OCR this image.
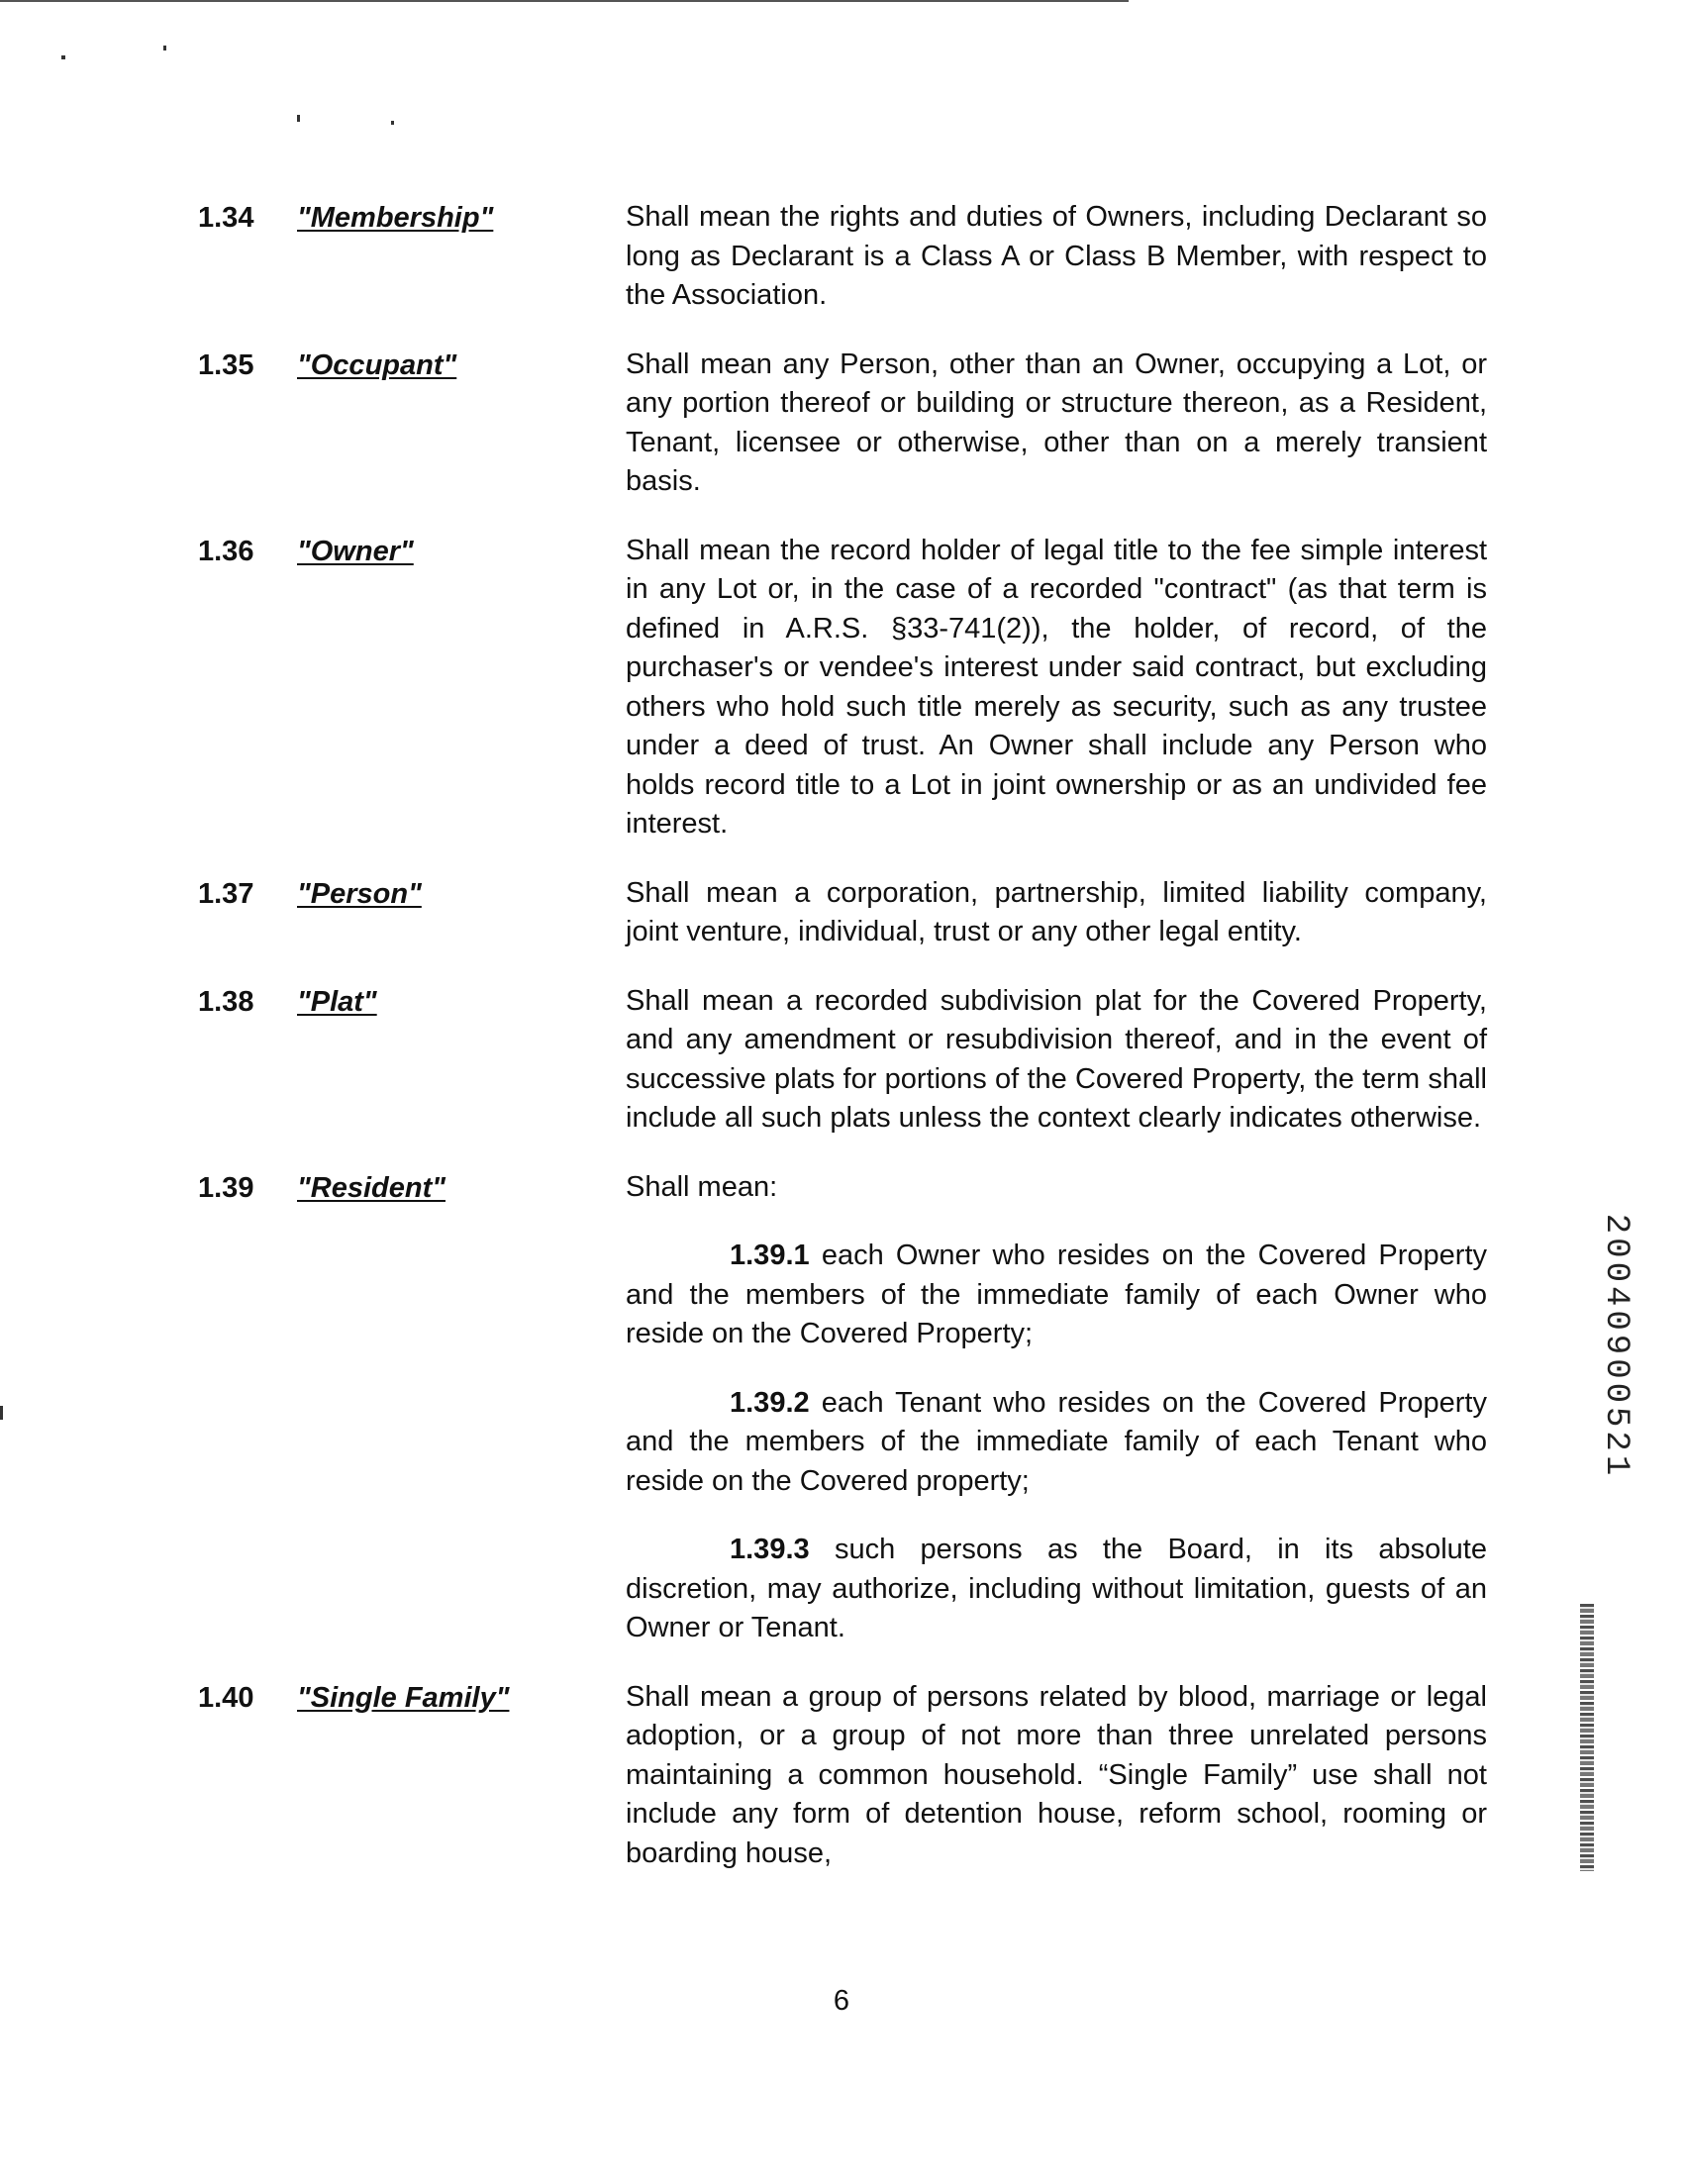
1.34	"Membership"	Shall mean the rights and duties of Owners, including Declarant so long as Declarant is a Class A or Class B Member, with respect to the Association.

1.35	"Occupant"	Shall mean any Person, other than an Owner, occupying a Lot, or any portion thereof or building or structure thereon, as a Resident, Tenant, licensee or otherwise, other than on a merely transient basis.

1.36	"Owner"	Shall mean the record holder of legal title to the fee simple interest in any Lot or, in the case of a recorded "contract" (as that term is defined in A.R.S. §33-741(2)), the holder, of record, of the purchaser's or vendee's interest under said contract, but excluding others who hold such title merely as security, such as any trustee under a deed of trust. An Owner shall include any Person who holds record title to a Lot in joint ownership or as an undivided fee interest.

1.37	"Person"	Shall mean a corporation, partnership, limited liability company, joint venture, individual, trust or any other legal entity.

1.38	"Plat"	Shall mean a recorded subdivision plat for the Covered Property, and any amendment or resubdivision thereof, and in the event of successive plats for portions of the Covered Property, the term shall include all such plats unless the context clearly indicates otherwise.

1.39	"Resident"	Shall mean:

1.39.1 each Owner who resides on the Covered Property and the members of the immediate family of each Owner who reside on the Covered Property;

1.39.2 each Tenant who resides on the Covered Property and the members of the immediate family of each Tenant who reside on the Covered property;

1.39.3 such persons as the Board, in its absolute discretion, may authorize, including without limitation, guests of an Owner or Tenant.

1.40	"Single Family"	Shall mean a group of persons related by blood, marriage or legal adoption, or a group of not more than three unrelated persons maintaining a common household. “Single Family” use shall not include any form of detention house, reform school, rooming or boarding house,

6
20040900521
